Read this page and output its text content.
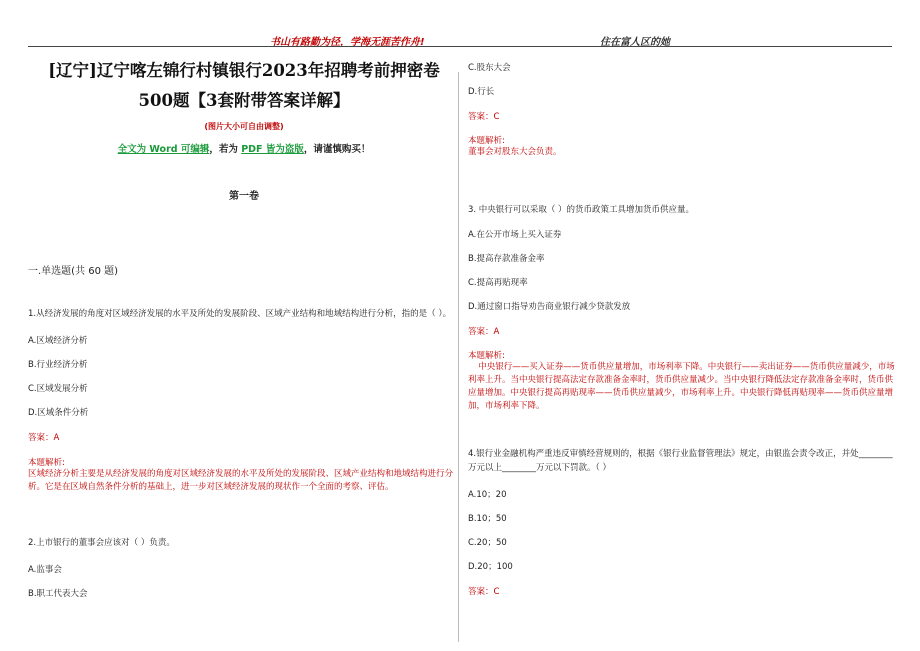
书山有路勤为径，学海无涯苦作舟!	住在富人区的她
[辽宁]辽宁喀左锦行村镇银行2023年招聘考前押密卷
500题【3套附带答案详解】
(图片大小可自由调整)
全文为 Word 可编辑，若为 PDF 皆为盗版，请谨慎购买！
第一卷
一.单选题(共 60 题)
1.从经济发展的角度对区域经济发展的水平及所处的发展阶段、区域产业结构和地域结构进行分析，指的是（ ）。
A.区域经济分析
B.行业经济分析
C.区域发展分析
D.区域条件分析
答案：A
本题解析:
区域经济分析主要是从经济发展的角度对区域经济发展的水平及所处的发展阶段、区域产业结构和地域结构进行分析。它是在区域自然条件分析的基础上，进一步对区域经济发展的现状作一个全面的考察、评估。
2.上市银行的董事会应该对（ ）负责。
A.监事会
B.职工代表大会
C.股东大会
D.行长
答案：C
本题解析:
董事会对股东大会负责。
3. 中央银行可以采取（ ）的货币政策工具增加货币供应量。
A.在公开市场上买入证券
B.提高存款准备金率
C.提高再贴现率
D.通过窗口指导劝告商业银行减少贷款发放
答案：A
本题解析:
中央银行——买入证券——货币供应量增加，市场利率下降。中央银行——卖出证券——货币供应量减少，市场利率上升。当中央银行提高法定存款准备金率时，货币供应量减少。当中央银行降低法定存款准备金率时，货币供应量增加。中央银行提高再贴现率——货币供应量减少，市场利率上升。中央银行降低再贴现率——货币供应量增加，市场利率下降。
4.银行业金融机构严重违反审慎经营规则的，根据《银行业监督管理法》规定，由银监会责令改正，并处________万元以上________万元以下罚款。（ ）
A.10；20
B.10；50
C.20；50
D.20；100
答案：C
